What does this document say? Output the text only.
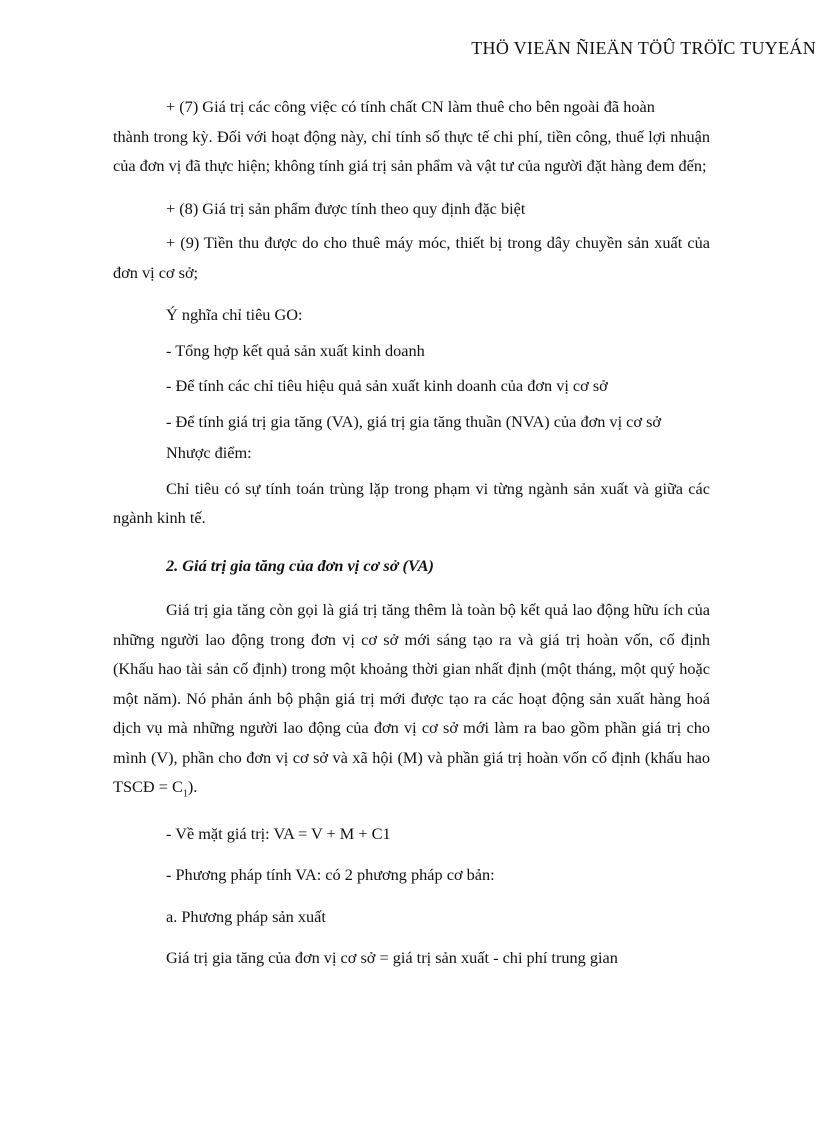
THÖ VIEÄN ÑIEÄN TÖÛ TRÖÏC TUYEÁN

+ (7) Giá trị các công việc có tính chất CN làm thuê cho bên ngoài đã hoàn

thành trong kỳ. Đối với hoạt động này, chỉ tính số thực tế chi phí, tiền công, thuế lợi nhuận của đơn vị đã thực hiện; không tính giá trị sản phẩm và vật tư của người đặt hàng đem đến;

+ (8) Giá trị sản phẩm được tính theo quy định đặc biệt

+ (9) Tiền thu được do cho thuê máy móc, thiết bị trong dây chuyền sản xuất của đơn vị cơ sở;

Ý nghĩa chỉ tiêu GO:

- Tổng hợp kết quả sản xuất kinh doanh

- Để tính các chỉ tiêu hiệu quả sản xuất kinh doanh của đơn vị cơ sở

- Để tính giá trị gia tăng (VA), giá trị gia tăng thuần (NVA) của đơn vị cơ sở

Nhược điểm:

Chỉ tiêu có sự tính toán trùng lặp trong phạm vi từng ngành sản xuất và giữa các ngành kinh tế.

2. Giá trị gia tăng của đơn vị cơ sở (VA)

Giá trị gia tăng còn gọi là giá trị tăng thêm là toàn bộ kết quả lao động hữu ích của những người lao động trong đơn vị cơ sở mới sáng tạo ra và giá trị hoàn vốn, cố định (Khấu hao tài sản cố định) trong một khoảng thời gian nhất định (một tháng, một quý hoặc một năm). Nó phản ánh bộ phận giá trị mới được tạo ra các hoạt động sản xuất hàng hoá dịch vụ mà những người lao động của đơn vị cơ sở mới làm ra bao gồm phần giá trị cho mình (V), phần cho đơn vị cơ sở và xã hội (M) và phần giá trị hoàn vốn cố định (khấu hao TSCĐ = $C_1$).

- Về mặt giá trị: VA = V + M + C1

- Phương pháp tính VA: có 2 phương pháp cơ bản:

a. Phương pháp sản xuất

Giá trị gia tăng của đơn vị cơ sở = giá trị sản xuất - chi phí trung gian
